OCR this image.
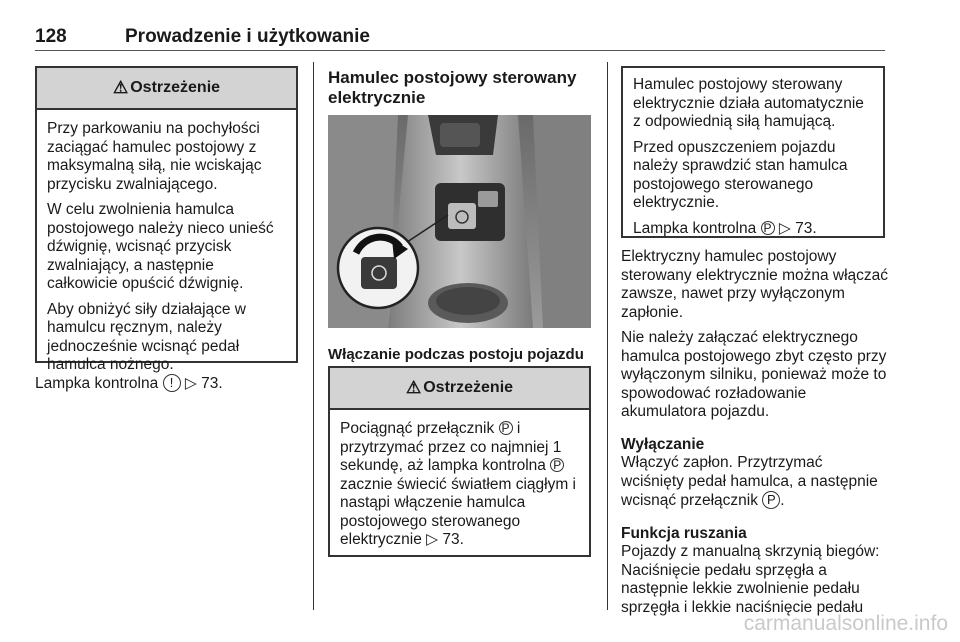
128	Prowadzenie i użytkowanie
⚠ Ostrzeżenie

Przy parkowaniu na pochyłości zaciągać hamulec postojowy z maksymalną siłą, nie wciskając przycisku zwalniającego.

W celu zwolnienia hamulca postojowego należy nieco unieść dźwignię, wcisnąć przycisk zwalniający, a następnie całkowicie opuścić dźwignię.

Aby obniżyć siły działające w hamulcu ręcznym, należy jednocześnie wcisnąć pedał hamulca nożnego.

Lampka kontrolna ! ▷ 73.

Hamulec postojowy sterowany elektrycznie
Włączanie podczas postoju pojazdu
⚠ Ostrzeżenie

Pociągnąć przełącznik P i przytrzymać przez co najmniej 1 sekundę, aż lampka kontrolna P zacznie świecić światłem ciągłym i nastąpi włączenie hamulca postojowego sterowanego elektrycznie ▷ 73.

Hamulec postojowy sterowany elektrycznie działa automatycznie z odpowiednią siłą hamującą.

Przed opuszczeniem pojazdu należy sprawdzić stan hamulca postojowego sterowanego elektrycznie.

Lampka kontrolna P ▷ 73.

Elektryczny hamulec postojowy sterowany elektrycznie można włączać zawsze, nawet przy wyłączonym zapłonie.

Nie należy załączać elektrycznego hamulca postojowego zbyt często przy wyłączonym silniku, ponieważ może to spowodować rozładowanie akumulatora pojazdu.

Wyłączanie

Włączyć zapłon. Przytrzymać wciśnięty pedał hamulca, a następnie wcisnąć przełącznik P .

Funkcja ruszania

Pojazdy z manualną skrzynią biegów: Naciśnięcie pedału sprzęgła a następnie lekkie zwolnienie pedału sprzęgła i lekkie naciśnięcie pedału

carmanualsonline.info
